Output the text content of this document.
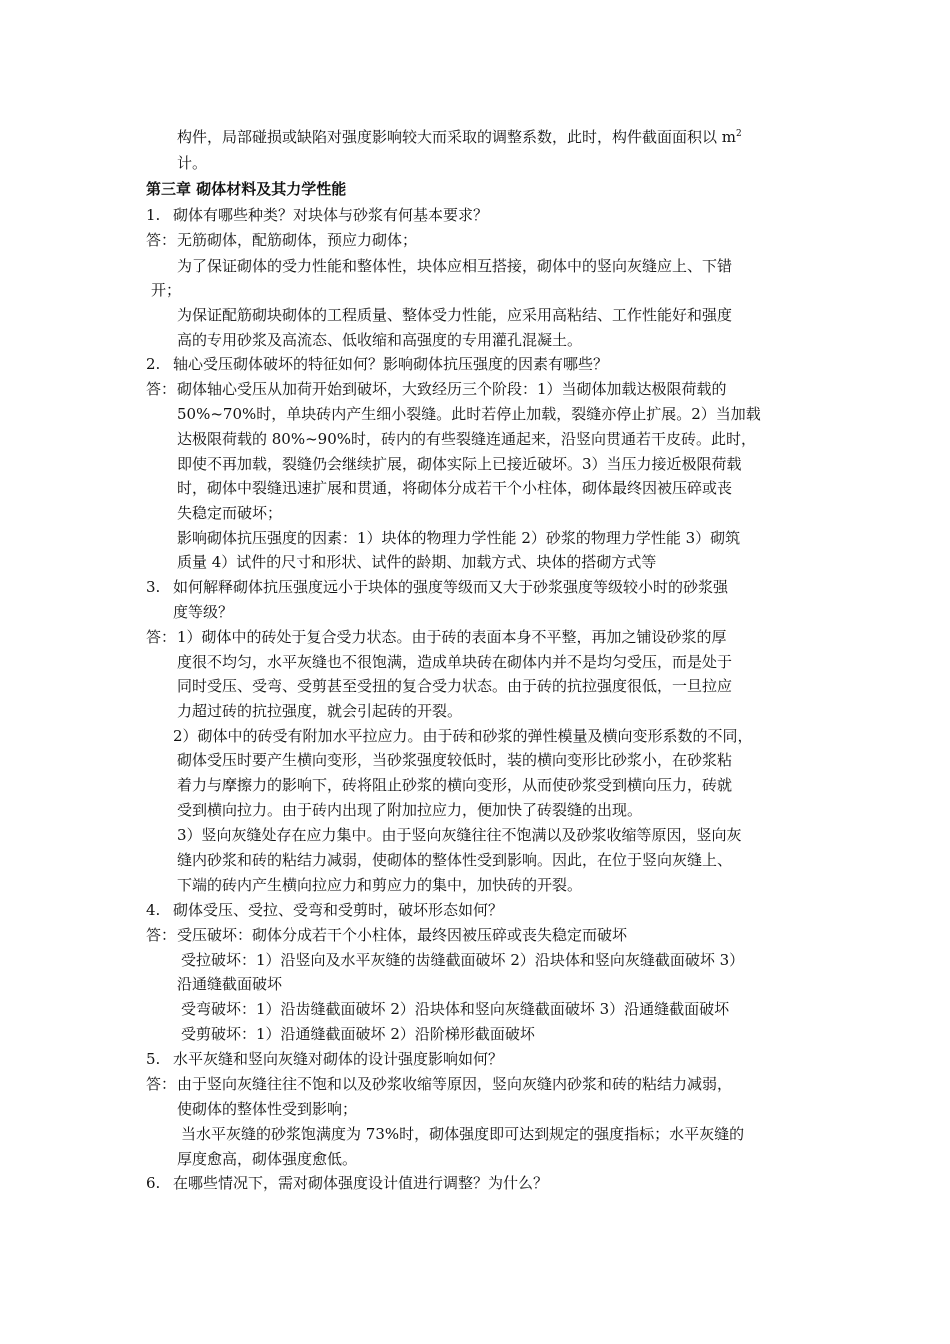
构件，局部碰损或缺陷对强度影响较大而采取的调整系数，此时，构件截面面积以 $m^2$
计。
第三章 砌体材料及其力学性能
1. 砌体有哪些种类？对块体与砂浆有何基本要求？
答： 无筋砌体，配筋砌体，预应力砌体；
为了保证砌体的受力性能和整体性，块体应相互搭接，砌体中的竖向灰缝应上、下错
开；
为保证配筋砌块砌体的工程质量、整体受力性能，应采用高粘结、工作性能好和强度
高的专用砂浆及高流态、低收缩和高强度的专用灌孔混凝土。
2. 轴心受压砌体破坏的特征如何？影响砌体抗压强度的因素有哪些？
答： 砌体轴心受压从加荷开始到破坏，大致经历三个阶段：1）当砌体加载达极限荷载的
50%~70%时，单块砖内产生细小裂缝。此时若停止加载，裂缝亦停止扩展。2）当加载
达极限荷载的 80%~90%时，砖内的有些裂缝连通起来，沿竖向贯通若干皮砖。此时，
即使不再加载，裂缝仍会继续扩展，砌体实际上已接近破坏。3）当压力接近极限荷载
时，砌体中裂缝迅速扩展和贯通，将砌体分成若干个小柱体，砌体最终因被压碎或丧
失稳定而破坏；
影响砌体抗压强度的因素：1）块体的物理力学性能 2）砂浆的物理力学性能 3）砌筑
质量 4）试件的尺寸和形状、试件的龄期、加载方式、块体的搭砌方式等
3. 如何解释砌体抗压强度远小于块体的强度等级而又大于砂浆强度等级较小时的砂浆强
度等级？
答： 1）砌体中的砖处于复合受力状态。由于砖的表面本身不平整，再加之铺设砂浆的厚
度很不均匀，水平灰缝也不很饱满，造成单块砖在砌体内并不是均匀受压，而是处于
同时受压、受弯、受剪甚至受扭的复合受力状态。由于砖的抗拉强度很低，一旦拉应
力超过砖的抗拉强度，就会引起砖的开裂。
2）砌体中的砖受有附加水平拉应力。由于砖和砂浆的弹性模量及横向变形系数的不同，
砌体受压时要产生横向变形，当砂浆强度较低时，装的横向变形比砂浆小，在砂浆粘
着力与摩擦力的影响下，砖将阻止砂浆的横向变形，从而使砂浆受到横向压力，砖就
受到横向拉力。由于砖内出现了附加拉应力，便加快了砖裂缝的出现。
3）竖向灰缝处存在应力集中。由于竖向灰缝往往不饱满以及砂浆收缩等原因，竖向灰
缝内砂浆和砖的粘结力减弱，使砌体的整体性受到影响。因此，在位于竖向灰缝上、
下端的砖内产生横向拉应力和剪应力的集中，加快砖的开裂。
4. 砌体受压、受拉、受弯和受剪时，破坏形态如何？
答： 受压破坏：砌体分成若干个小柱体，最终因被压碎或丧失稳定而破坏
受拉破坏：1）沿竖向及水平灰缝的齿缝截面破坏 2）沿块体和竖向灰缝截面破坏 3）
沿通缝截面破坏
受弯破坏：1）沿齿缝截面破坏 2）沿块体和竖向灰缝截面破坏 3）沿通缝截面破坏
受剪破坏：1）沿通缝截面破坏 2）沿阶梯形截面破坏
5. 水平灰缝和竖向灰缝对砌体的设计强度影响如何？
答： 由于竖向灰缝往往不饱和以及砂浆收缩等原因，竖向灰缝内砂浆和砖的粘结力减弱，
使砌体的整体性受到影响；
当水平灰缝的砂浆饱满度为 73%时，砌体强度即可达到规定的强度指标；水平灰缝的
厚度愈高，砌体强度愈低。
6. 在哪些情况下，需对砌体强度设计值进行调整？为什么？
